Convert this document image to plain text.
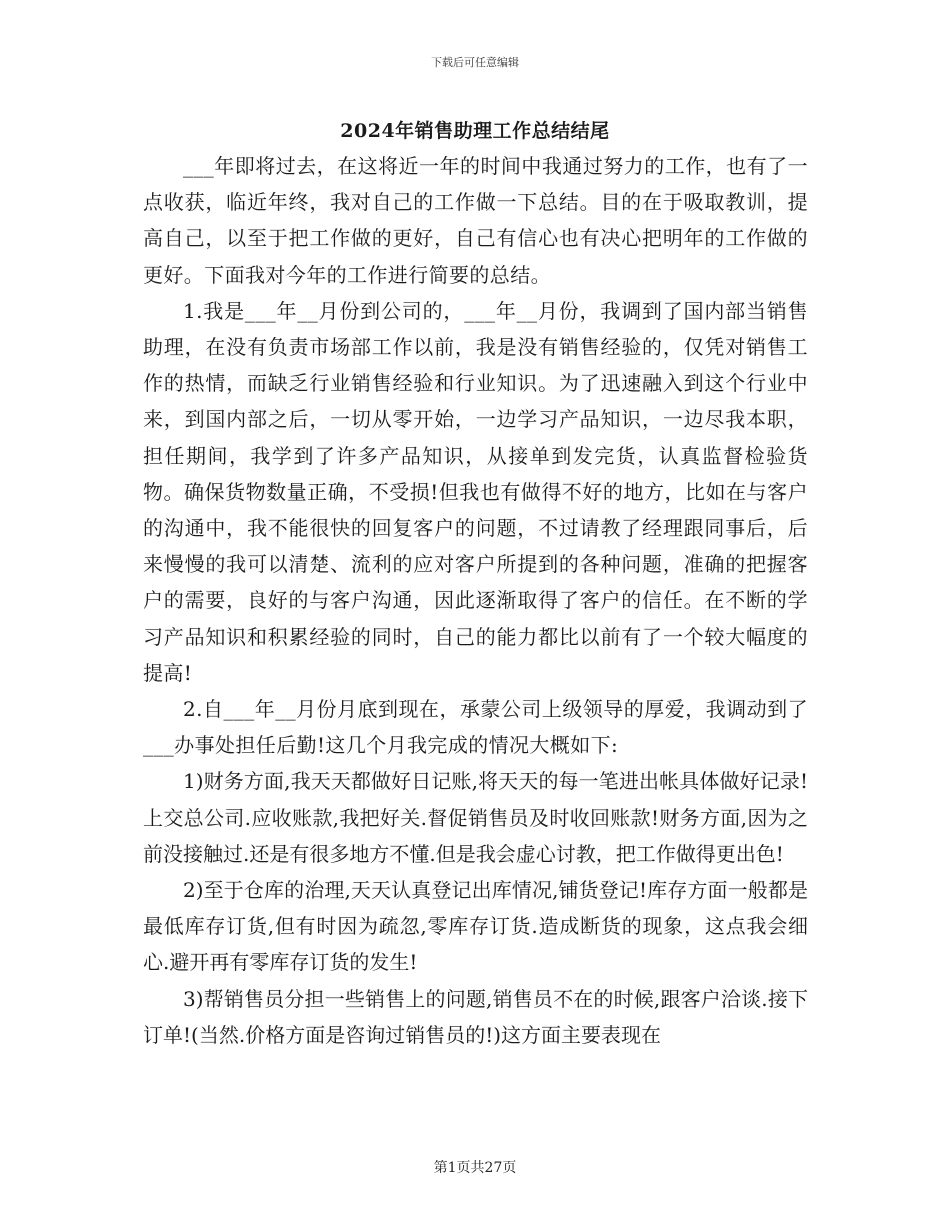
下载后可任意编辑
2024年销售助理工作总结结尾

___年即将过去，在这将近一年的时间中我通过努力的工作，也有了一点收获，临近年终，我对自己的工作做一下总结。目的在于吸取教训，提高自己，以至于把工作做的更好，自己有信心也有决心把明年的工作做的更好。下面我对今年的工作进行简要的总结。

1.我是___年__月份到公司的，___年__月份，我调到了国内部当销售助理，在没有负责市场部工作以前，我是没有销售经验的，仅凭对销售工作的热情，而缺乏行业销售经验和行业知识。为了迅速融入到这个行业中来，到国内部之后，一切从零开始，一边学习产品知识，一边尽我本职，担任期间，我学到了许多产品知识，从接单到发完货，认真监督检验货物。确保货物数量正确，不受损!但我也有做得不好的地方，比如在与客户的沟通中，我不能很快的回复客户的问题，不过请教了经理跟同事后，后来慢慢的我可以清楚、流利的应对客户所提到的各种问题，准确的把握客户的需要，良好的与客户沟通，因此逐渐取得了客户的信任。在不断的学习产品知识和积累经验的同时，自己的能力都比以前有了一个较大幅度的提高!

2.自___年__月份月底到现在，承蒙公司上级领导的厚爱，我调动到了___办事处担任后勤!这几个月我完成的情况大概如下:

1)财务方面,我天天都做好日记账,将天天的每一笔进出帐具体做好记录!上交总公司.应收账款,我把好关.督促销售员及时收回账款!财务方面,因为之前没接触过.还是有很多地方不懂.但是我会虚心讨教，把工作做得更出色!

2)至于仓库的治理,天天认真登记出库情况,铺货登记!库存方面一般都是最低库存订货,但有时因为疏忽,零库存订货.造成断货的现象，这点我会细心.避开再有零库存订货的发生!

3)帮销售员分担一些销售上的问题,销售员不在的时候,跟客户洽谈.接下订单!(当然.价格方面是咨询过销售员的!)这方面主要表现在

第1页共27页
